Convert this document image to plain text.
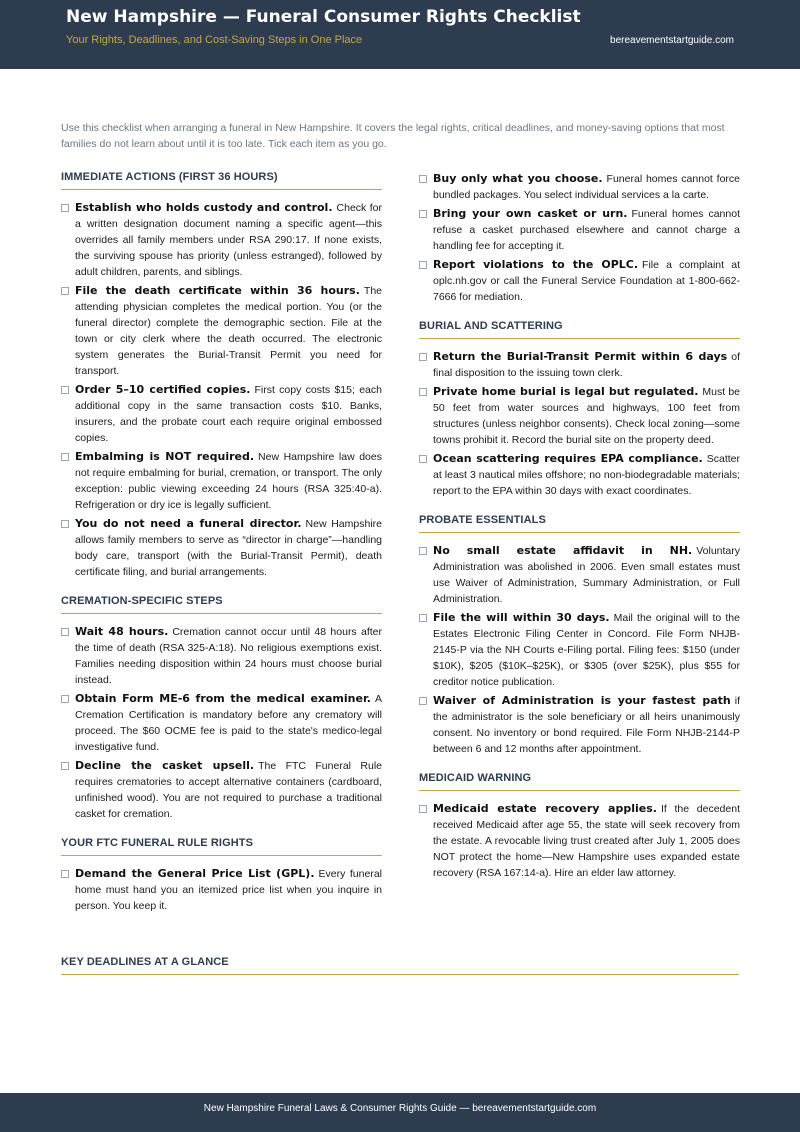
New Hampshire — Funeral Consumer Rights Checklist
Your Rights, Deadlines, and Cost-Saving Steps in One Place	bereavementstartguide.com
Use this checklist when arranging a funeral in New Hampshire. It covers the legal rights, critical deadlines, and money-saving options that most families do not learn about until it is too late. Tick each item as you go.
IMMEDIATE ACTIONS (FIRST 36 HOURS)
Establish who holds custody and control. Check for a written designation document naming a specific agent—this overrides all family members under RSA 290:17. If none exists, the surviving spouse has priority (unless estranged), followed by adult children, parents, and siblings.
File the death certificate within 36 hours. The attending physician completes the medical portion. You (or the funeral director) complete the demographic section. File at the town or city clerk where the death occurred. The electronic system generates the Burial-Transit Permit you need for transport.
Order 5–10 certified copies. First copy costs $15; each additional copy in the same transaction costs $10. Banks, insurers, and the probate court each require original embossed copies.
Embalming is NOT required. New Hampshire law does not require embalming for burial, cremation, or transport. The only exception: public viewing exceeding 24 hours (RSA 325:40-a). Refrigeration or dry ice is legally sufficient.
You do not need a funeral director. New Hampshire allows family members to serve as “director in charge”—handling body care, transport (with the Burial-Transit Permit), death certificate filing, and burial arrangements.
CREMATION-SPECIFIC STEPS
Wait 48 hours. Cremation cannot occur until 48 hours after the time of death (RSA 325-A:18). No religious exemptions exist. Families needing disposition within 24 hours must choose burial instead.
Obtain Form ME-6 from the medical examiner. A Cremation Certification is mandatory before any crematory will proceed. The $60 OCME fee is paid to the state's medico-legal investigative fund.
Decline the casket upsell. The FTC Funeral Rule requires crematories to accept alternative containers (cardboard, unfinished wood). You are not required to purchase a traditional casket for cremation.
YOUR FTC FUNERAL RULE RIGHTS
Demand the General Price List (GPL). Every funeral home must hand you an itemized price list when you inquire in person. You keep it.
Buy only what you choose. Funeral homes cannot force bundled packages. You select individual services a la carte.
Bring your own casket or urn. Funeral homes cannot refuse a casket purchased elsewhere and cannot charge a handling fee for accepting it.
Report violations to the OPLC. File a complaint at oplc.nh.gov or call the Funeral Service Foundation at 1-800-662-7666 for mediation.
BURIAL AND SCATTERING
Return the Burial-Transit Permit within 6 days of final disposition to the issuing town clerk.
Private home burial is legal but regulated. Must be 50 feet from water sources and highways, 100 feet from structures (unless neighbor consents). Check local zoning—some towns prohibit it. Record the burial site on the property deed.
Ocean scattering requires EPA compliance. Scatter at least 3 nautical miles offshore; no non-biodegradable materials; report to the EPA within 30 days with exact coordinates.
PROBATE ESSENTIALS
No small estate affidavit in NH. Voluntary Administration was abolished in 2006. Even small estates must use Waiver of Administration, Summary Administration, or Full Administration.
File the will within 30 days. Mail the original will to the Estates Electronic Filing Center in Concord. File Form NHJB-2145-P via the NH Courts e-Filing portal. Filing fees: $150 (under $10K), $205 ($10K–$25K), or $305 (over $25K), plus $55 for creditor notice publication.
Waiver of Administration is your fastest path if the administrator is the sole beneficiary or all heirs unanimously consent. No inventory or bond required. File Form NHJB-2144-P between 6 and 12 months after appointment.
MEDICAID WARNING
Medicaid estate recovery applies. If the decedent received Medicaid after age 55, the state will seek recovery from the estate. A revocable living trust created after July 1, 2005 does NOT protect the home—New Hampshire uses expanded estate recovery (RSA 167:14-a). Hire an elder law attorney.
KEY DEADLINES AT A GLANCE
New Hampshire Funeral Laws & Consumer Rights Guide — bereavementstartguide.com
